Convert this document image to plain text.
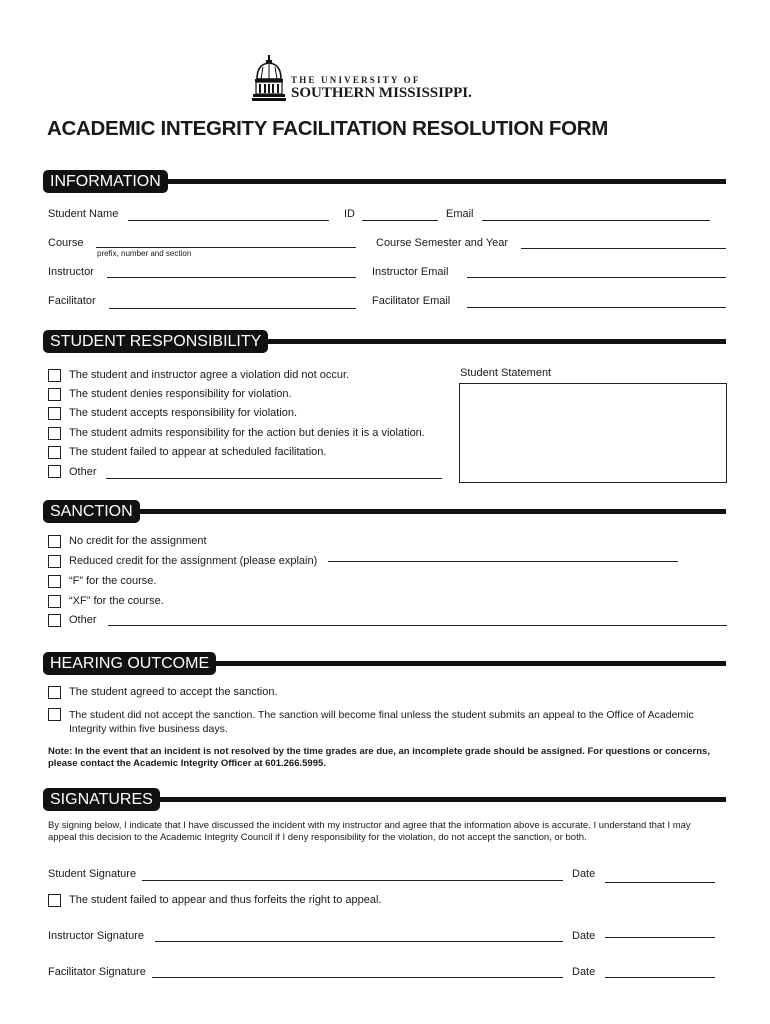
THE UNIVERSITY OF
SOUTHERN MISSISSIPPI.
ACADEMIC INTEGRITY FACILITATION RESOLUTION FORM
INFORMATION
Student Name	ID	Email
Course
prefix, number and section
Course Semester and Year
Instructor	Instructor Email
Facilitator	Facilitator Email
STUDENT RESPONSIBILITY
The student and instructor agree a violation did not occur.
The student denies responsibility for violation.
The student accepts responsibility for violation.
The student admits responsibility for the action but denies it is a violation.
The student failed to appear at scheduled facilitation.
Other
Student Statement
SANCTION
No credit for the assignment
Reduced credit for the assignment (please explain)
“F” for the course.
“XF” for the course.
Other
HEARING OUTCOME
The student agreed to accept the sanction.
The student did not accept the sanction. The sanction will become final unless the student submits an appeal to the Office of Academic Integrity within five business days.
Note: In the event that an incident is not resolved by the time grades are due, an incomplete grade should be assigned. For questions or concerns, please contact the Academic Integrity Officer at 601.266.5995.
SIGNATURES
By signing below, I indicate that I have discussed the incident with my instructor and agree that the information above is accurate. I understand that I may appeal this decision to the Academic Integrity Council if I deny responsibility for the violation, do not accept the sanction, or both.
Student Signature	Date
The student failed to appear and thus forfeits the right to appeal.
Instructor Signature	Date
Facilitator Signature	Date
